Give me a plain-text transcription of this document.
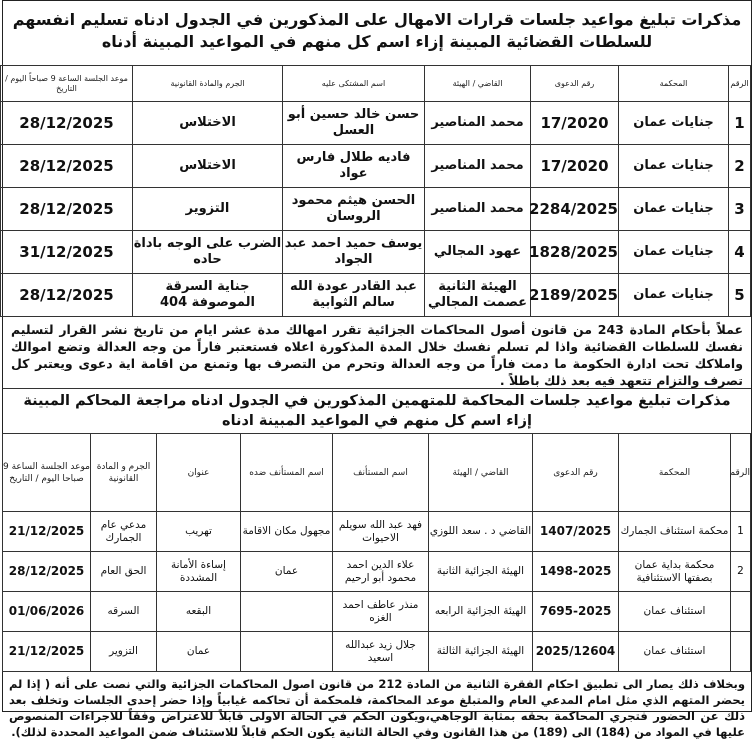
مذكرات تبليغ مواعيد جلسات قرارات الامهال على المذكورين في الجدول ادناه تسليم انفسهم للسلطات القضائية المبينة إزاء اسم كل منهم في المواعيد المبينة أدناه
الرقم	المحكمة	رقم الدعوى	القاضي / الهيئة	اسم المشتكى عليه	الجرم والمادة القانونية	موعد الجلسة الساعة 9 صباحاً اليوم / التاريخ
1	جنايات عمان	17/2020	محمد المناصير	حسن خالد حسين أبو العسل	الاختلاس	28/12/2025
2	جنايات عمان	17/2020	محمد المناصير	فاديه طلال فارس عواد	الاختلاس	28/12/2025
3	جنايات عمان	2284/2025	محمد المناصير	الحسن هيثم محمود الروسان	التزوير	28/12/2025
4	جنايات عمان	1828/2025	عهود المجالي	يوسف حميد احمد عبد الجواد	الضرب على الوجه باداة حاده	31/12/2025
5	جنايات عمان	2189/2025	الهيئة الثانية عصمت المجالي	عبد القادر عودة الله سالم الثوابية	جناية السرقة الموصوفة 404	28/12/2025
عملاً بأحكام المادة 243 من قانون أصول المحاكمات الجزائية تقرر امهالك مدة عشر ايام من تاريخ نشر القرار لتسليم نفسك للسلطات القضائية واذا لم تسلم نفسك خلال المدة المذكورة اعلاه فستعتبر فاراً من وجه العدالة وتضع اموالك واملاكك تحت ادارة الحكومة ما دمت فاراً من وجه العدالة وتحرم من التصرف بها وتمنع من اقامة اية دعوى ويعتبر كل تصرف والتزام تتعهد فيه بعد ذلك باطلاً .
مذكرات تبليغ مواعيد جلسات المحاكمة للمتهمين المذكورين في الجدول ادناه مراجعة المحاكم المبينة إزاء اسم كل منهم في المواعيد المبينة ادناه
الرقم	المحكمة	رقم الدعوى	القاضي / الهيئة	اسم المستأنف	اسم المستأنف ضده	عنوان	الجرم و المادة القانونية	موعد الجلسة الساعة 9 صباحا اليوم / التاريخ
1	محكمة استئناف الجمارك	1407/2025	القاضي د . سعد اللوزي	فهد عبد الله سويلم الاحيوات	مجهول مكان الاقامة	تهريب	مدعي عام الجمارك	21/12/2025
2	محكمة بداية عمان بصفتها الاستئنافية	1498-2025	الهيئة الجزائية الثانية	علاء الدين احمد محمود أبو ارحيم	عمان	إساءة الأمانة المشددة	الحق العام	28/12/2025
	استئناف عمان	7695-2025	الهيئة الجزائية الرابعه	منذر عاطف احمد الغزه		البقعه	السرقه	01/06/2026
	استئناف عمان	2025/12604	الهيئة الجزائية الثالثة	جلال زيد عبدالله اسعيد		عمان	التزوير	21/12/2025
وبخلاف ذلك يصار الى تطبيق احكام الفقرة الثانية من المادة 212 من قانون اصول المحاكمات الجزائية والتي نصت على أنه ( إذا لم يحضر المتهم الذي مثل امام المدعي العام والمتبلغ موعد المحاكمة، فلمحكمة أن تحاكمه غيابياً وإذا حضر إحدى الجلسات وتخلف بعد ذلك عن الحضور فتجري المحاكمة بحقه بمثابة الوجاهي،ويكون الحكم في الحالة الاولى قابلاً للاعتراض وفقاً للاجراءات المنصوص عليها في المواد من (184) الى (189) من هذا القانون وفي الحالة الثانية يكون الحكم قابلاً للاستئناف ضمن المواعيد المحددة لذلك).
